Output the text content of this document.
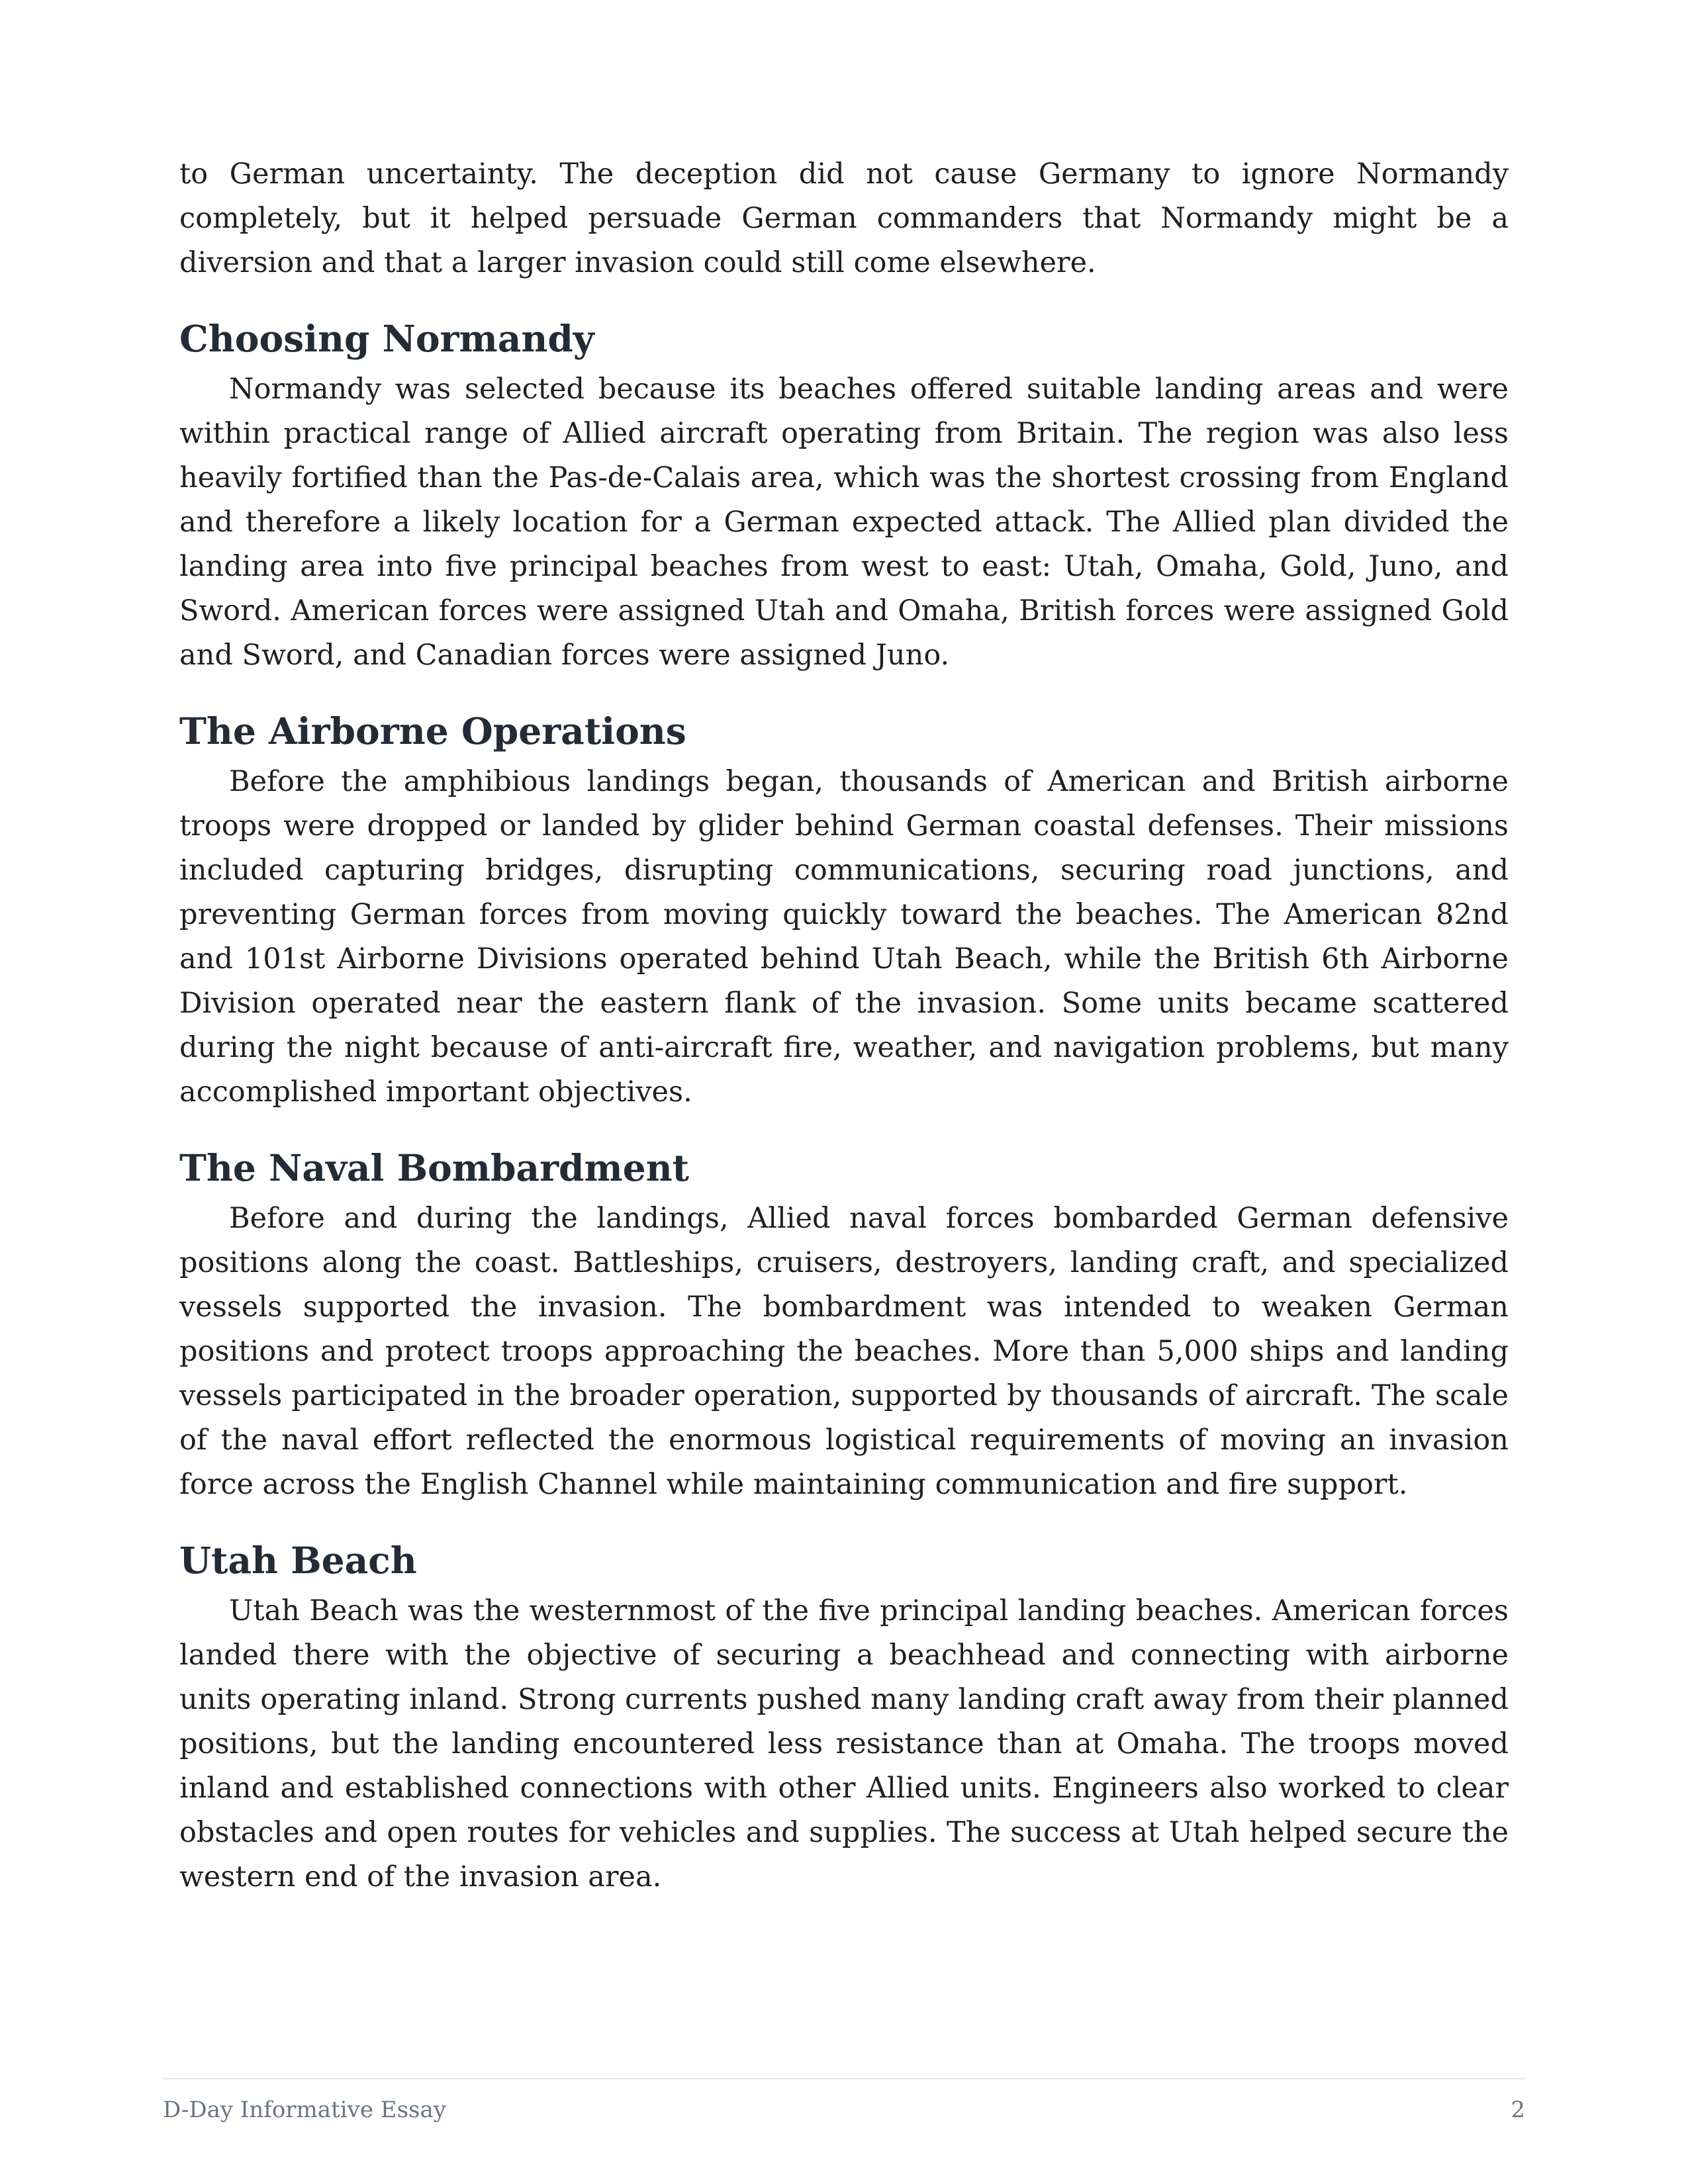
to German uncertainty. The deception did not cause Germany to ignore Normandy completely, but it helped persuade German commanders that Normandy might be a diversion and that a larger invasion could still come elsewhere.

Choosing Normandy

Normandy was selected because its beaches offered suitable landing areas and were within practical range of Allied aircraft operating from Britain. The region was also less heavily fortified than the Pas-de-Calais area, which was the shortest crossing from England and therefore a likely location for a German expected attack. The Allied plan divided the landing area into five principal beaches from west to east: Utah, Omaha, Gold, Juno, and Sword. American forces were assigned Utah and Omaha, British forces were assigned Gold and Sword, and Canadian forces were assigned Juno.

The Airborne Operations

Before the amphibious landings began, thousands of American and British airborne troops were dropped or landed by glider behind German coastal defenses. Their missions included capturing bridges, disrupting communications, securing road junctions, and preventing German forces from moving quickly toward the beaches. The American 82nd and 101st Airborne Divisions operated behind Utah Beach, while the British 6th Airborne Division operated near the eastern flank of the invasion. Some units became scattered during the night because of anti-aircraft fire, weather, and navigation problems, but many accomplished important objectives.

The Naval Bombardment

Before and during the landings, Allied naval forces bombarded German defensive positions along the coast. Battleships, cruisers, destroyers, landing craft, and specialized vessels supported the invasion. The bombardment was intended to weaken German positions and protect troops approaching the beaches. More than 5,000 ships and landing vessels participated in the broader operation, supported by thousands of aircraft. The scale of the naval effort reflected the enormous logistical requirements of moving an invasion force across the English Channel while maintaining communication and fire support.

Utah Beach

Utah Beach was the westernmost of the five principal landing beaches. American forces landed there with the objective of securing a beachhead and connecting with airborne units operating inland. Strong currents pushed many landing craft away from their planned positions, but the landing encountered less resistance than at Omaha. The troops moved inland and established connections with other Allied units. Engineers also worked to clear obstacles and open routes for vehicles and supplies. The success at Utah helped secure the western end of the invasion area.

D-Day Informative Essay	2
